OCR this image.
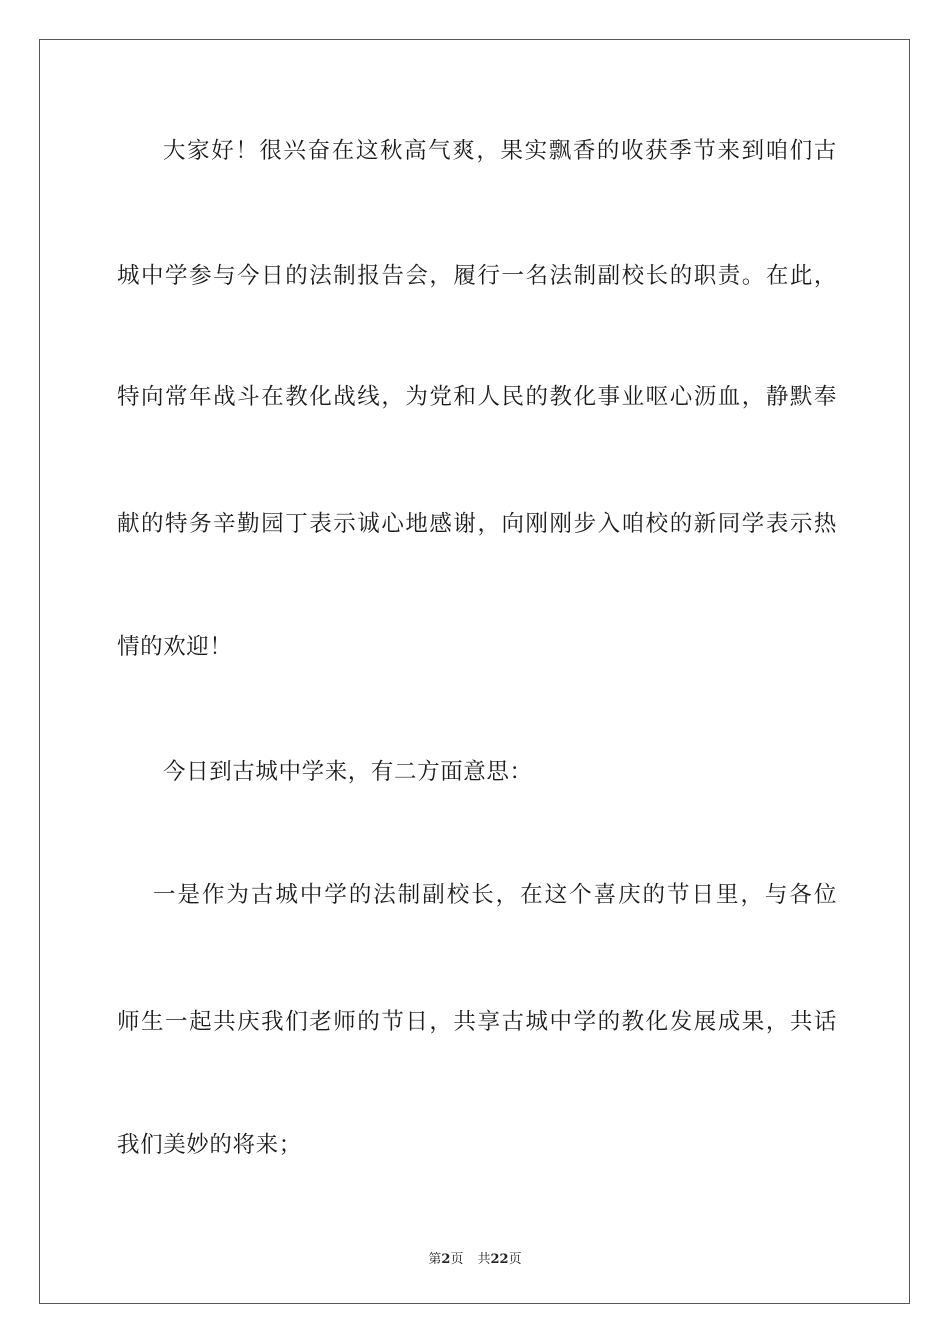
大家好！很兴奋在这秋高气爽，果实飘香的收获季节来到咱们古
城中学参与今日的法制报告会，履行一名法制副校长的职责。在此，
特向常年战斗在教化战线，为党和人民的教化事业呕心沥血，静默奉
献的特务辛勤园丁表示诚心地感谢，向刚刚步入咱校的新同学表示热
情的欢迎！
今日到古城中学来，有二方面意思：
一是作为古城中学的法制副校长，在这个喜庆的节日里，与各位
师生一起共庆我们老师的节日，共享古城中学的教化发展成果，共话
我们美妙的将来；
第2页 共22页
